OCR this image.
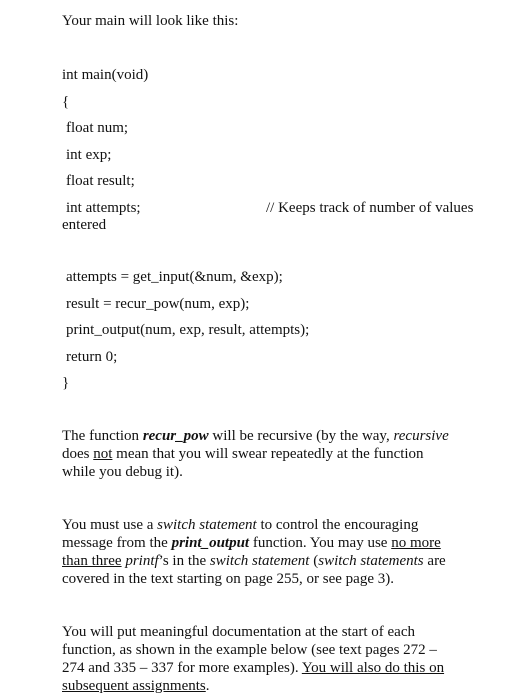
Your main will look like this:
int main(void)
{
float num;
int exp;
float result;
int attempts;	// Keeps track of number of values
entered
attempts = get_input(&num, &exp);
result = recur_pow(num, exp);
print_output(num, exp, result, attempts);
return 0;
}
The function recur_pow will be recursive (by the way, recursive
does not mean that you will swear repeatedly at the function
while you debug it).
You must use a switch statement to control the encouraging
message from the print_output function. You may use no more
than three printf’s in the switch statement (switch statements are
covered in the text starting on page 255, or see page 3).
You will put meaningful documentation at the start of each
function, as shown in the example below (see text pages 272 –
274 and 335 – 337 for more examples). You will also do this on
subsequent assignments.
